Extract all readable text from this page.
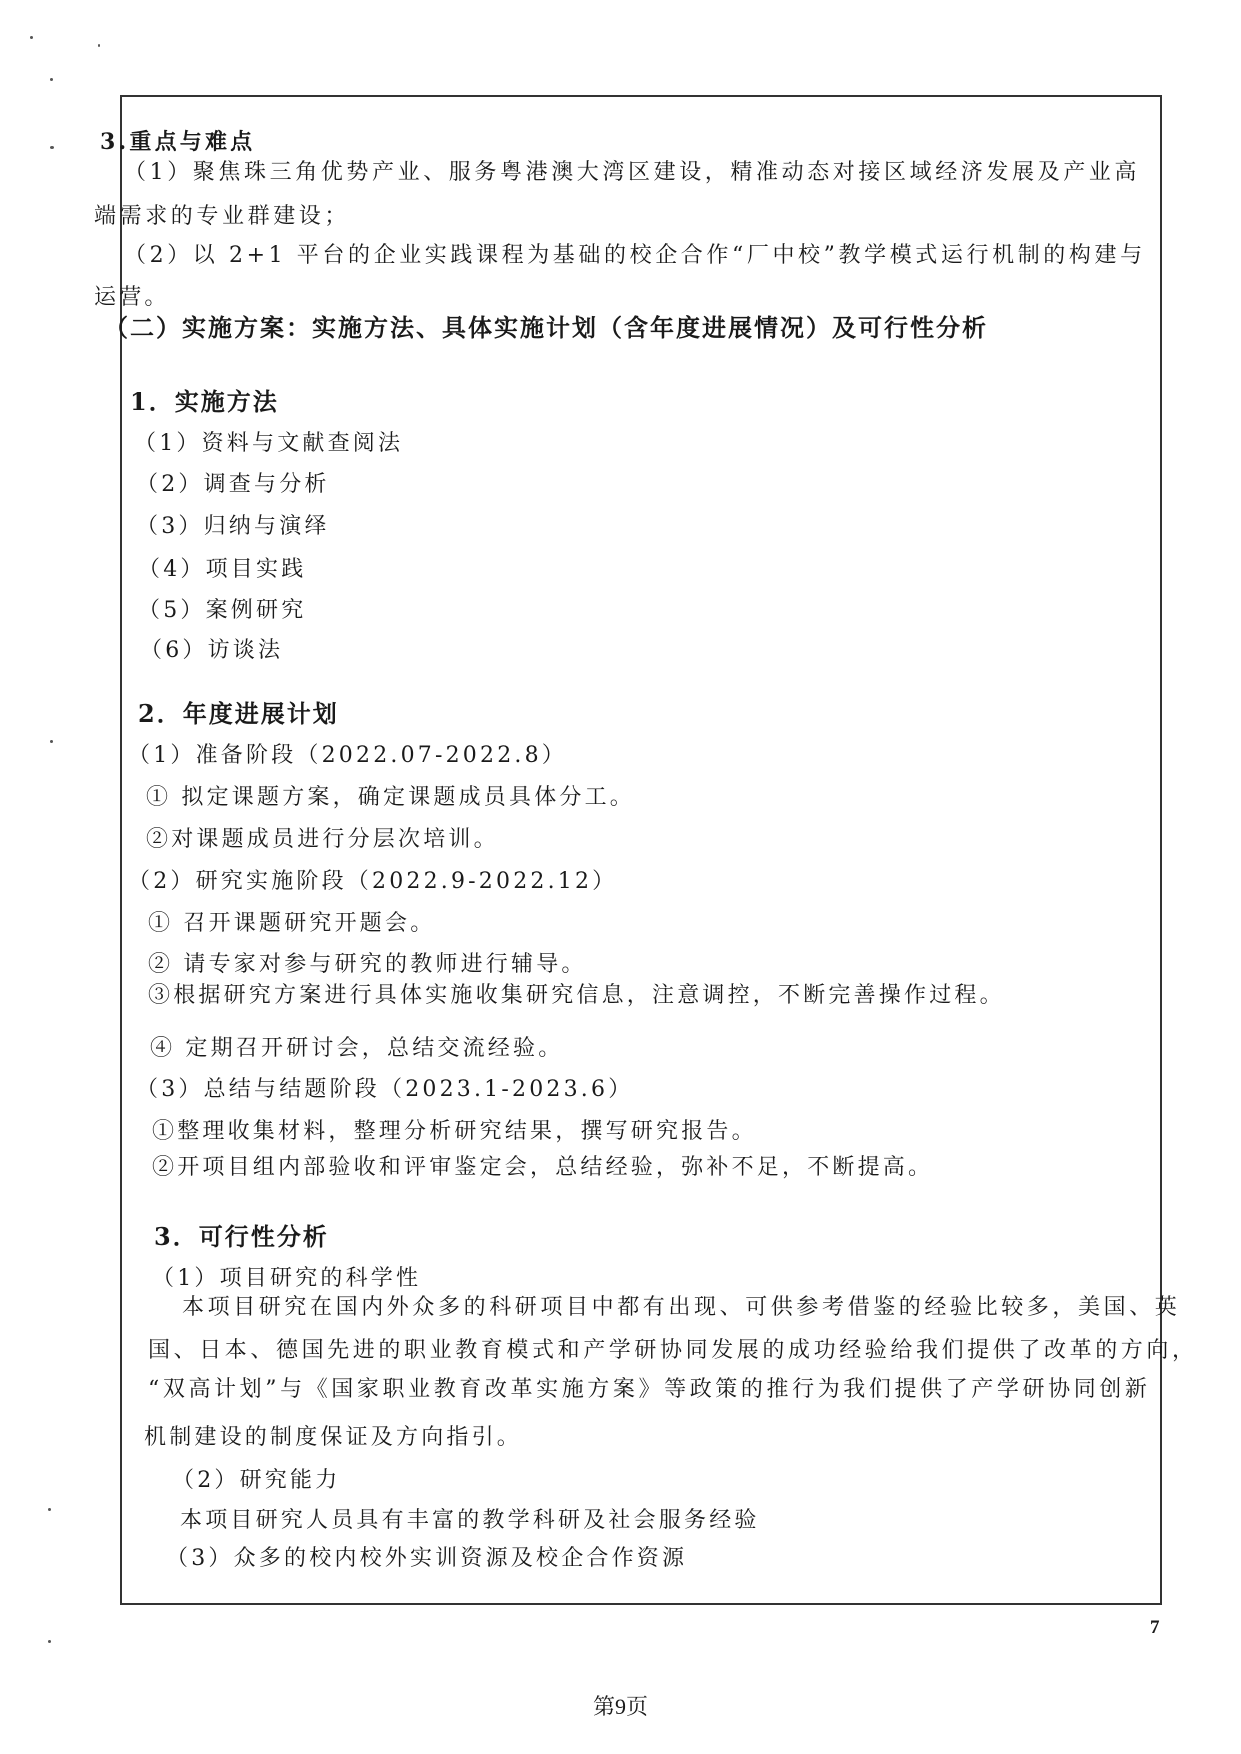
3.重点与难点
（1）聚焦珠三角优势产业、服务粤港澳大湾区建设，精准动态对接区域经济发展及产业高
端需求的专业群建设；
（2）以 2+1 平台的企业实践课程为基础的校企合作“厂中校”教学模式运行机制的构建与
运营。
（二）实施方案：实施方法、具体实施计划（含年度进展情况）及可行性分析
1．实施方法
（1）资料与文献查阅法
（2）调查与分析
（3）归纳与演绎
（4）项目实践
（5）案例研究
（6）访谈法
2．年度进展计划
（1）准备阶段（2022.07-2022.8）
① 拟定课题方案，确定课题成员具体分工。
②对课题成员进行分层次培训。
（2）研究实施阶段（2022.9-2022.12）
① 召开课题研究开题会。
② 请专家对参与研究的教师进行辅导。
③根据研究方案进行具体实施收集研究信息，注意调控，不断完善操作过程。
④ 定期召开研讨会，总结交流经验。
（3）总结与结题阶段（2023.1-2023.6）
①整理收集材料，整理分析研究结果，撰写研究报告。
②开项目组内部验收和评审鉴定会，总结经验，弥补不足，不断提高。
3．可行性分析
（1）项目研究的科学性
本项目研究在国内外众多的科研项目中都有出现、可供参考借鉴的经验比较多，美国、英
国、日本、德国先进的职业教育模式和产学研协同发展的成功经验给我们提供了改革的方向，
“双高计划”与《国家职业教育改革实施方案》等政策的推行为我们提供了产学研协同创新
机制建设的制度保证及方向指引。
（2）研究能力
本项目研究人员具有丰富的教学科研及社会服务经验
（3）众多的校内校外实训资源及校企合作资源
7
第9页
